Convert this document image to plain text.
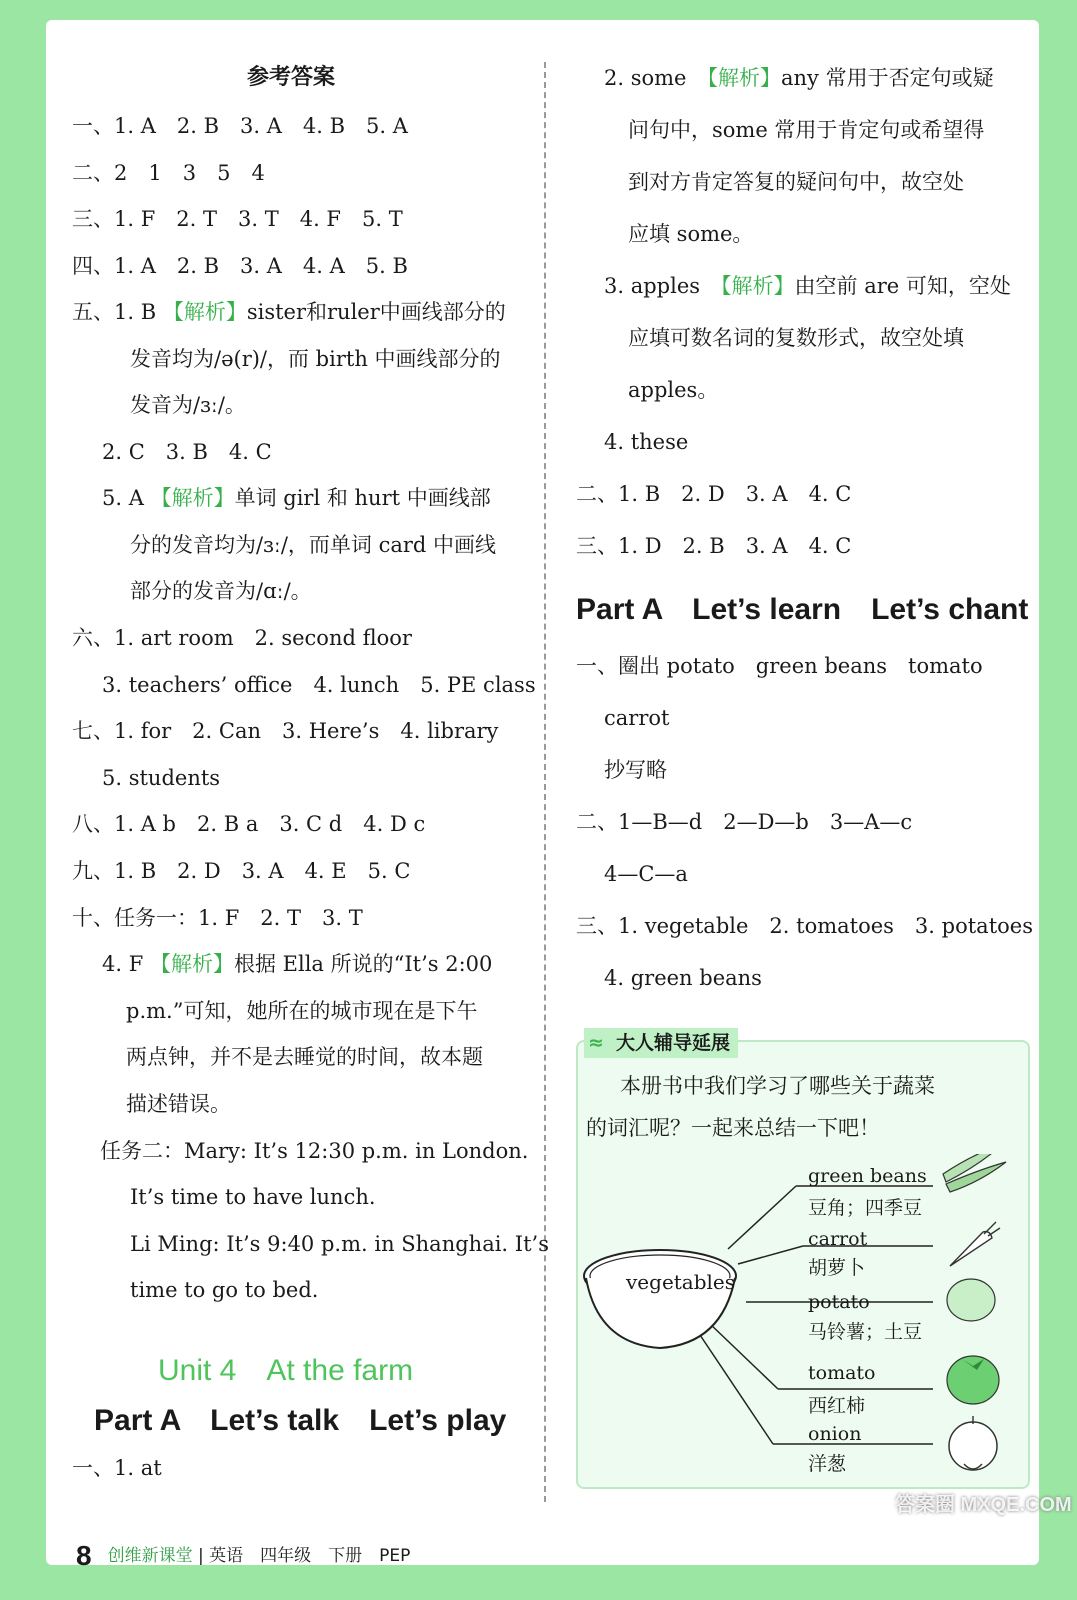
参考答案
一、1. A　2. B　3. A　4. B　5. A
二、2　1　3　5　4
三、1. F　2. T　3. T　4. F　5. T
四、1. A　2. B　3. A　4. A　5. B
五、1. B 【解析】sister和ruler中画线部分的
发音均为/ə(r)/，而 birth 中画线部分的
发音为/ɜː/。
2. C　3. B　4. C
5. A 【解析】单词 girl 和 hurt 中画线部
分的发音均为/ɜː/，而单词 card 中画线
部分的发音为/ɑː/。
六、1. art room　2. second floor
3. teachers’ office　4. lunch　5. PE class
七、1. for　2. Can　3. Here’s　4. library
5. students
八、1. A b　2. B a　3. C d　4. D c
九、1. B　2. D　3. A　4. E　5. C
十、任务一：1. F　2. T　3. T
4. F 【解析】根据 Ella 所说的“It’s 2:00
p.m.”可知，她所在的城市现在是下午
两点钟，并不是去睡觉的时间，故本题
描述错误。
任务二：Mary: It’s 12:30 p.m. in London.
It’s time to have lunch.
Li Ming: It’s 9:40 p.m. in Shanghai. It’s
time to go to bed.
Unit 4　At the farm
Part A　Let’s talk　Let’s play
一、1. at
2. some　 【解析】any 常用于否定句或疑
问句中，some 常用于肯定句或希望得
到对方肯定答复的疑问句中，故空处
应填 some。
3. apples　 【解析】由空前 are 可知，空处
应填可数名词的复数形式，故空处填
apples。
4. these
二、1. B　2. D　3. A　4. C
三、1. D　2. B　3. A　4. C
Part A　Let’s learn　Let’s chant
一、圈出 potato　green beans　tomato
carrot
抄写略
二、1—B—d　2—D—b　3—A—c
4—C—a
三、1. vegetable　2. tomatoes　3. potatoes
4. green beans
≈ 大人辅导延展
本册书中我们学习了哪些关于蔬菜
的词汇呢？一起来总结一下吧！
vegetables
green beans
豆角；四季豆
carrot
胡萝卜
potato
马铃薯；土豆
tomato
西红柿
onion
洋葱
8 创维新课堂 | 英语　四年级　下册　PEP
答案圈 MXQE.COM
